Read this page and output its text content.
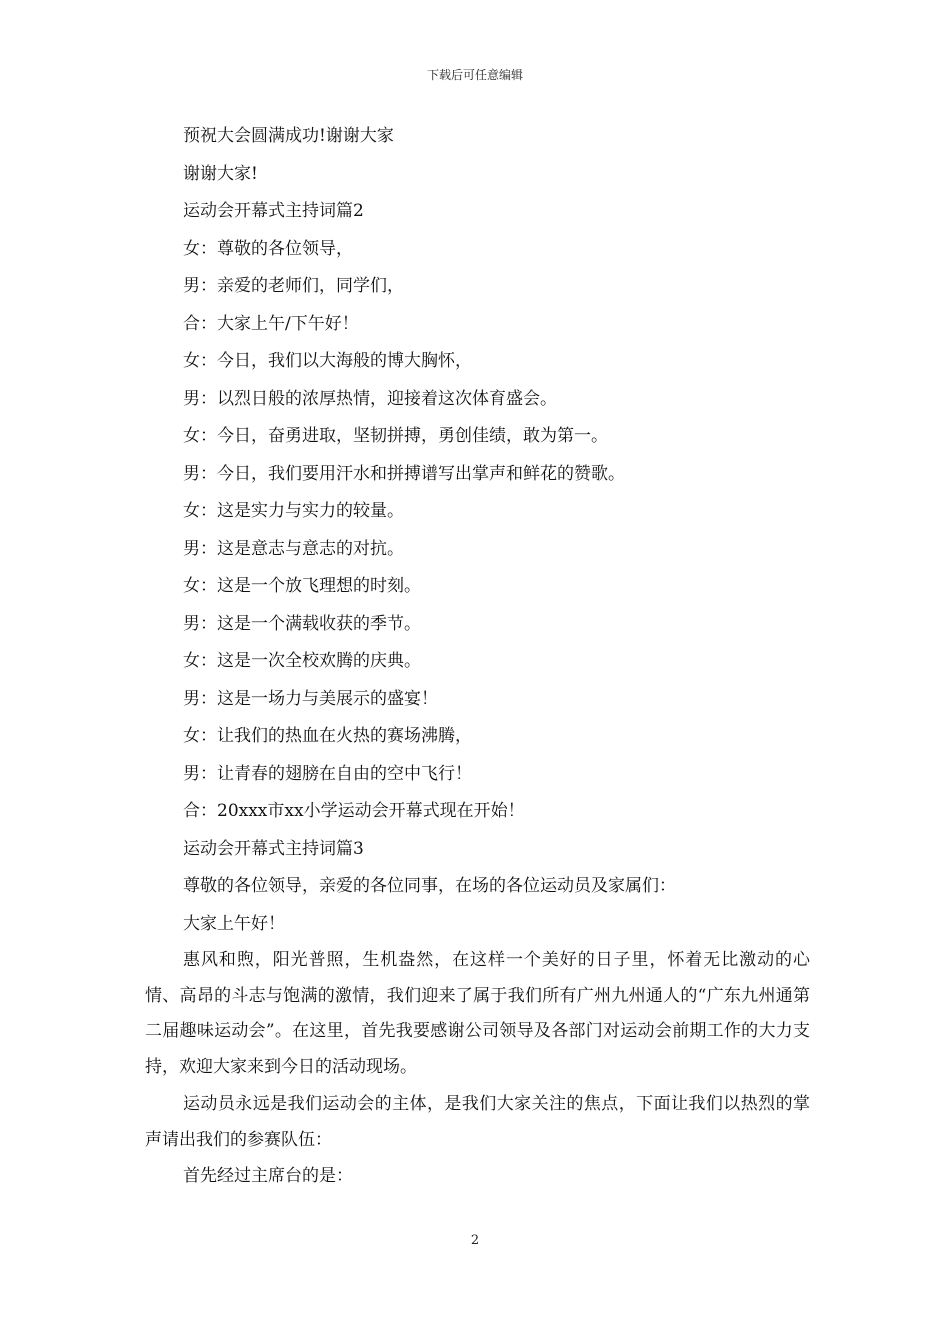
下载后可任意编辑

预祝大会圆满成功!谢谢大家

谢谢大家!

运动会开幕式主持词篇2

女：尊敬的各位领导，

男：亲爱的老师们，同学们，

合：大家上午/下午好！

女：今日，我们以大海般的博大胸怀，

男：以烈日般的浓厚热情，迎接着这次体育盛会。

女：今日，奋勇进取，坚韧拼搏，勇创佳绩，敢为第一。

男：今日，我们要用汗水和拼搏谱写出掌声和鲜花的赞歌。

女：这是实力与实力的较量。

男：这是意志与意志的对抗。

女：这是一个放飞理想的时刻。

男：这是一个满载收获的季节。

女：这是一次全校欢腾的庆典。

男：这是一场力与美展示的盛宴！

女：让我们的热血在火热的赛场沸腾，

男：让青春的翅膀在自由的空中飞行！

合：20xxx市xx小学运动会开幕式现在开始！

运动会开幕式主持词篇3

尊敬的各位领导，亲爱的各位同事，在场的各位运动员及家属们：

大家上午好！

惠风和煦，阳光普照，生机盎然，在这样一个美好的日子里，怀着无比激动的心情、高昂的斗志与饱满的激情，我们迎来了属于我们所有广州九州通人的“广东九州通第二届趣味运动会”。在这里，首先我要感谢公司领导及各部门对运动会前期工作的大力支持，欢迎大家来到今日的活动现场。

运动员永远是我们运动会的主体，是我们大家关注的焦点，下面让我们以热烈的掌声请出我们的参赛队伍：

首先经过主席台的是：

2
